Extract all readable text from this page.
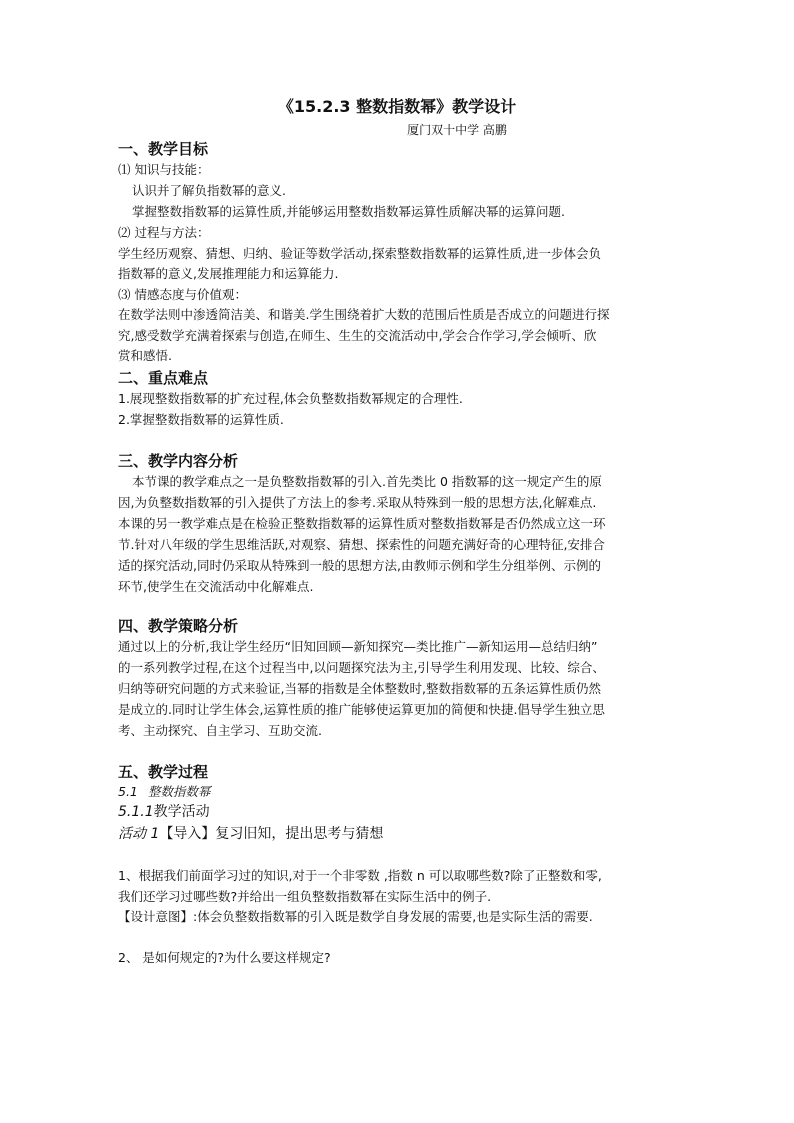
《15.2.3 整数指数幂》教学设计
厦门双十中学 高鹏
一、教学目标
⑴ 知识与技能：
认识并了解负指数幂的意义.
掌握整数指数幂的运算性质,并能够运用整数指数幂运算性质解决幂的运算问题.
⑵ 过程与方法：
学生经历观察、猜想、归纳、验证等数学活动,探索整数指数幂的运算性质,进一步体会负
指数幂的意义,发展推理能力和运算能力.
⑶ 情感态度与价值观：
在数学法则中渗透简洁美、和谐美.学生围绕着扩大数的范围后性质是否成立的问题进行探
究,感受数学充满着探索与创造,在师生、生生的交流活动中,学会合作学习,学会倾听、欣
赏和感悟.
二、重点难点
1.展现整数指数幂的扩充过程,体会负整数指数幂规定的合理性.
2.掌握整数指数幂的运算性质.
三、教学内容分析
本节课的教学难点之一是负整数指数幂的引入.首先类比 0 指数幂的这一规定产生的原
因,为负整数指数幂的引入提供了方法上的参考.采取从特殊到一般的思想方法,化解难点.
本课的另一教学难点是在检验正整数指数幂的运算性质对整数指数幂是否仍然成立这一环
节.针对八年级的学生思维活跃,对观察、猜想、探索性的问题充满好奇的心理特征,安排合
适的探究活动,同时仍采取从特殊到一般的思想方法,由教师示例和学生分组举例、示例的
环节,使学生在交流活动中化解难点.
四、教学策略分析
通过以上的分析,我让学生经历“旧知回顾—新知探究—类比推广—新知运用—总结归纳”
的一系列教学过程,在这个过程当中,以问题探究法为主,引导学生利用发现、比较、综合、
归纳等研究问题的方式来验证,当幂的指数是全体整数时,整数指数幂的五条运算性质仍然
是成立的.同时让学生体会,运算性质的推广能够使运算更加的简便和快捷.倡导学生独立思
考、主动探究、自主学习、互助交流.
五、教学过程
5.1 整数指数幂
5.1.1教学活动
活动 1【导入】复习旧知，提出思考与猜想
1、根据我们前面学习过的知识,对于一个非零数 ,指数 n 可以取哪些数?除了正整数和零,
我们还学习过哪些数?并给出一组负整数指数幂在实际生活中的例子.
【设计意图】:体会负整数指数幂的引入既是数学自身发展的需要,也是实际生活的需要.
2、 是如何规定的?为什么要这样规定?
